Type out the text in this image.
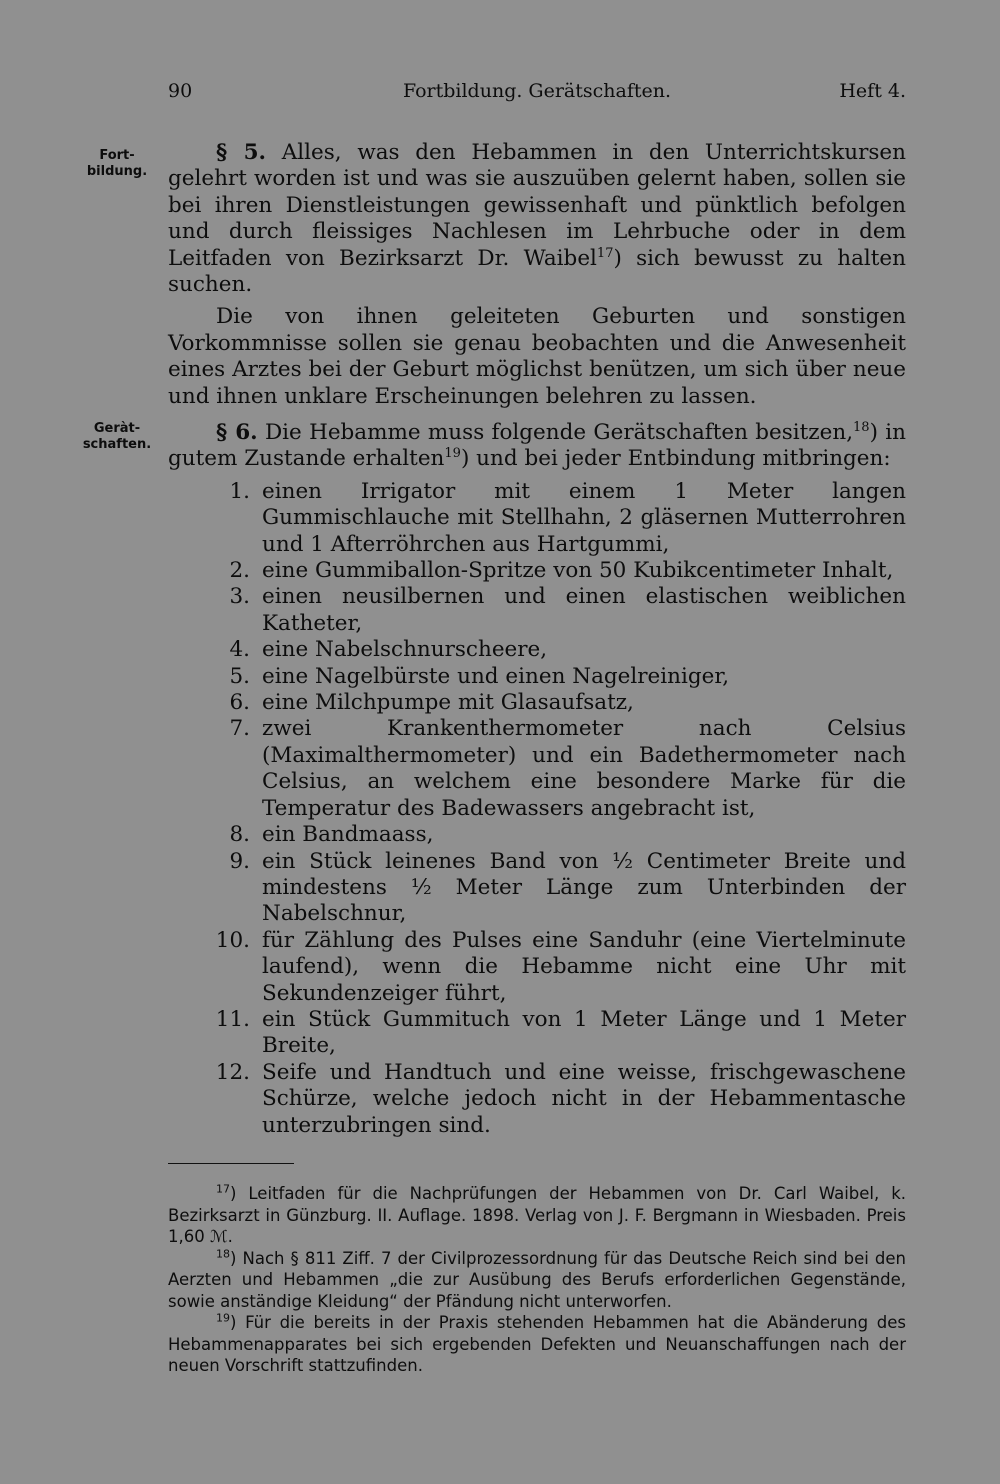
90	Fortbildung. Gerätschaften.	Heft 4.
Fort-
bildung.
Geràt-
schaften.

§ 5. Alles, was den Hebammen in den Unterrichtskursen gelehrt worden ist und was sie auszuüben gelernt haben, sollen sie bei ihren Dienstleistungen gewissenhaft und pünktlich befolgen und durch fleissiges Nachlesen im Lehrbuche oder in dem Leitfaden von Bezirksarzt Dr. Waibel$^{17}$) sich bewusst zu halten suchen.

Die von ihnen geleiteten Geburten und sonstigen Vorkommnisse sollen sie genau beobachten und die Anwesenheit eines Arztes bei der Geburt möglichst benützen, um sich über neue und ihnen unklare Erscheinungen belehren zu lassen.

§ 6. Die Hebamme muss folgende Gerätschaften besitzen,$^{18}$) in gutem Zustande erhalten$^{19}$) und bei jeder Entbindung mitbringen:

1. einen Irrigator mit einem 1 Meter langen Gummischlauche mit Stellhahn, 2 gläsernen Mutterrohren und 1 Afterröhrchen aus Hartgummi,
2. eine Gummiballon-Spritze von 50 Kubikcentimeter Inhalt,
3. einen neusilbernen und einen elastischen weiblichen Katheter,
4. eine Nabelschnurscheere,
5. eine Nagelbürste und einen Nagelreiniger,
6. eine Milchpumpe mit Glasaufsatz,
7. zwei Krankenthermometer nach Celsius (Maximalthermometer) und ein Badethermometer nach Celsius, an welchem eine besondere Marke für die Temperatur des Badewassers angebracht ist,
8. ein Bandmaass,
9. ein Stück leinenes Band von ½ Centimeter Breite und mindestens ½ Meter Länge zum Unterbinden der Nabelschnur,
10. für Zählung des Pulses eine Sanduhr (eine Viertelminute laufend), wenn die Hebamme nicht eine Uhr mit Sekundenzeiger führt,
11. ein Stück Gummituch von 1 Meter Länge und 1 Meter Breite,
12. Seife und Handtuch und eine weisse, frischgewaschene Schürze, welche jedoch nicht in der Hebammentasche unterzubringen sind.

$^{17}$) Leitfaden für die Nachprüfungen der Hebammen von Dr. Carl Waibel, k. Bezirksarzt in Günzburg. II. Auflage. 1898. Verlag von J. F. Bergmann in Wiesbaden. Preis 1,60 ℳ.

$^{18}$) Nach § 811 Ziff. 7 der Civilprozessordnung für das Deutsche Reich sind bei den Aerzten und Hebammen „die zur Ausübung des Berufs erforderlichen Gegenstände, sowie anständige Kleidung“ der Pfändung nicht unterworfen.

$^{19}$) Für die bereits in der Praxis stehenden Hebammen hat die Abänderung des Hebammenapparates bei sich ergebenden Defekten und Neuanschaffungen nach der neuen Vorschrift stattzufinden.
